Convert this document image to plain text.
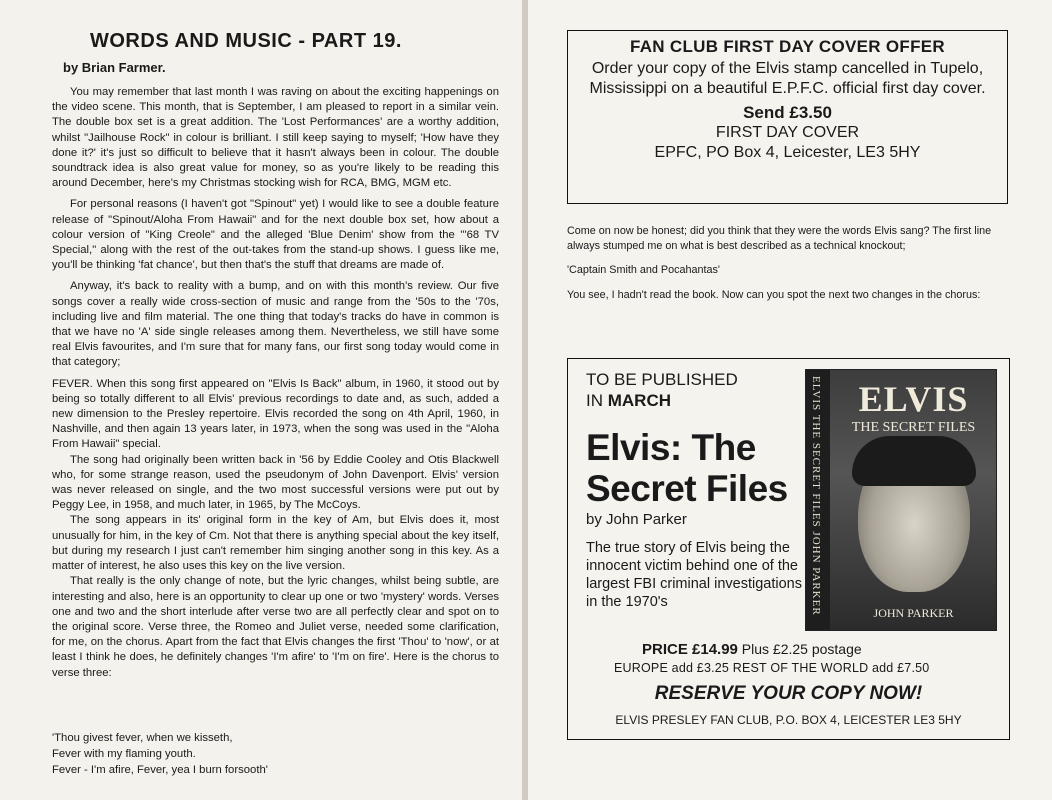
WORDS AND MUSIC - PART 19.
by Brian Farmer.

You may remember that last month I was raving on about the exciting happenings on the video scene. This month, that is September, I am pleased to report in a similar vein. The double box set is a great addition. The 'Lost Performances' are a worthy addition, whilst "Jailhouse Rock" in colour is brilliant. I still keep saying to myself; 'How have they done it?' it's just so difficult to believe that it hasn't always been in colour. The double soundtrack idea is also great value for money, so as you're likely to be reading this around December, here's my Christmas stocking wish for RCA, BMG, MGM etc.

For personal reasons (I haven't got "Spinout" yet) I would like to see a double feature release of "Spinout/Aloha From Hawaii" and for the next double box set, how about a colour version of "King Creole" and the alleged 'Blue Denim' show from the "'68 TV Special," along with the rest of the out-takes from the stand-up shows. I guess like me, you'll be thinking 'fat chance', but then that's the stuff that dreams are made of.

Anyway, it's back to reality with a bump, and on with this month's review. Our five songs cover a really wide cross-section of music and range from the '50s to the '70s, including live and film material. The one thing that today's tracks do have in common is that we have no 'A' side single releases among them. Nevertheless, we still have some real Elvis favourites, and I'm sure that for many fans, our first song today would come in that category;

FEVER. When this song first appeared on "Elvis Is Back" album, in 1960, it stood out by being so totally different to all Elvis' previous recordings to date and, as such, added a new dimension to the Presley repertoire. Elvis recorded the song on 4th April, 1960, in Nashville, and then again 13 years later, in 1973, when the song was used in the "Aloha From Hawaii" special.

The song had originally been written back in '56 by Eddie Cooley and Otis Blackwell who, for some strange reason, used the pseudonym of John Davenport. Elvis' version was never released on single, and the two most successful versions were put out by Peggy Lee, in 1958, and much later, in 1965, by The McCoys.

The song appears in its' original form in the key of Am, but Elvis does it, most unusually for him, in the key of Cm. Not that there is anything special about the key itself, but during my research I just can't remember him singing another song in this key. As a matter of interest, he also uses this key on the live version.

That really is the only change of note, but the lyric changes, whilst being subtle, are interesting and also, here is an opportunity to clear up one or two 'mystery' words. Verses one and two and the short interlude after verse two are all perfectly clear and spot on to the original score. Verse three, the Romeo and Juliet verse, needed some clarification, for me, on the chorus. Apart from the fact that Elvis changes the first 'Thou' to 'now', or at least I think he does, he definitely changes 'I'm afire' to 'I'm on fire'. Here is the chorus to verse three:

'Thou givest fever, when we kisseth,
Fever with my flaming youth.
Fever - I'm afire, Fever, yea I burn forsooth'
FAN CLUB FIRST DAY COVER OFFER
Order your copy of the Elvis stamp cancelled in Tupelo, Mississippi on a beautiful E.P.F.C. official first day cover.
Send £3.50
FIRST DAY COVER
EPFC, PO Box 4, Leicester, LE3 5HY

Come on now be honest; did you think that they were the words Elvis sang? The first line always stumped me on what is best described as a technical knockout;

'Captain Smith and Pocahantas'

You see, I hadn't read the book. Now can you spot the next two changes in the chorus:

TO BE PUBLISHED
IN MARCH
Elvis: The
Secret Files
by John Parker
The true story of Elvis being the innocent victim behind one of the largest FBI criminal investigations in the 1970's	ELVIS THE SECRET FILES JOHN PARKER	ELVIS
THE SECRET FILES
JOHN PARKER
PRICE £14.99 Plus £2.25 postage
EUROPE add £3.25 REST OF THE WORLD add £7.50
RESERVE YOUR COPY NOW!
ELVIS PRESLEY FAN CLUB, P.O. BOX 4, LEICESTER LE3 5HY
